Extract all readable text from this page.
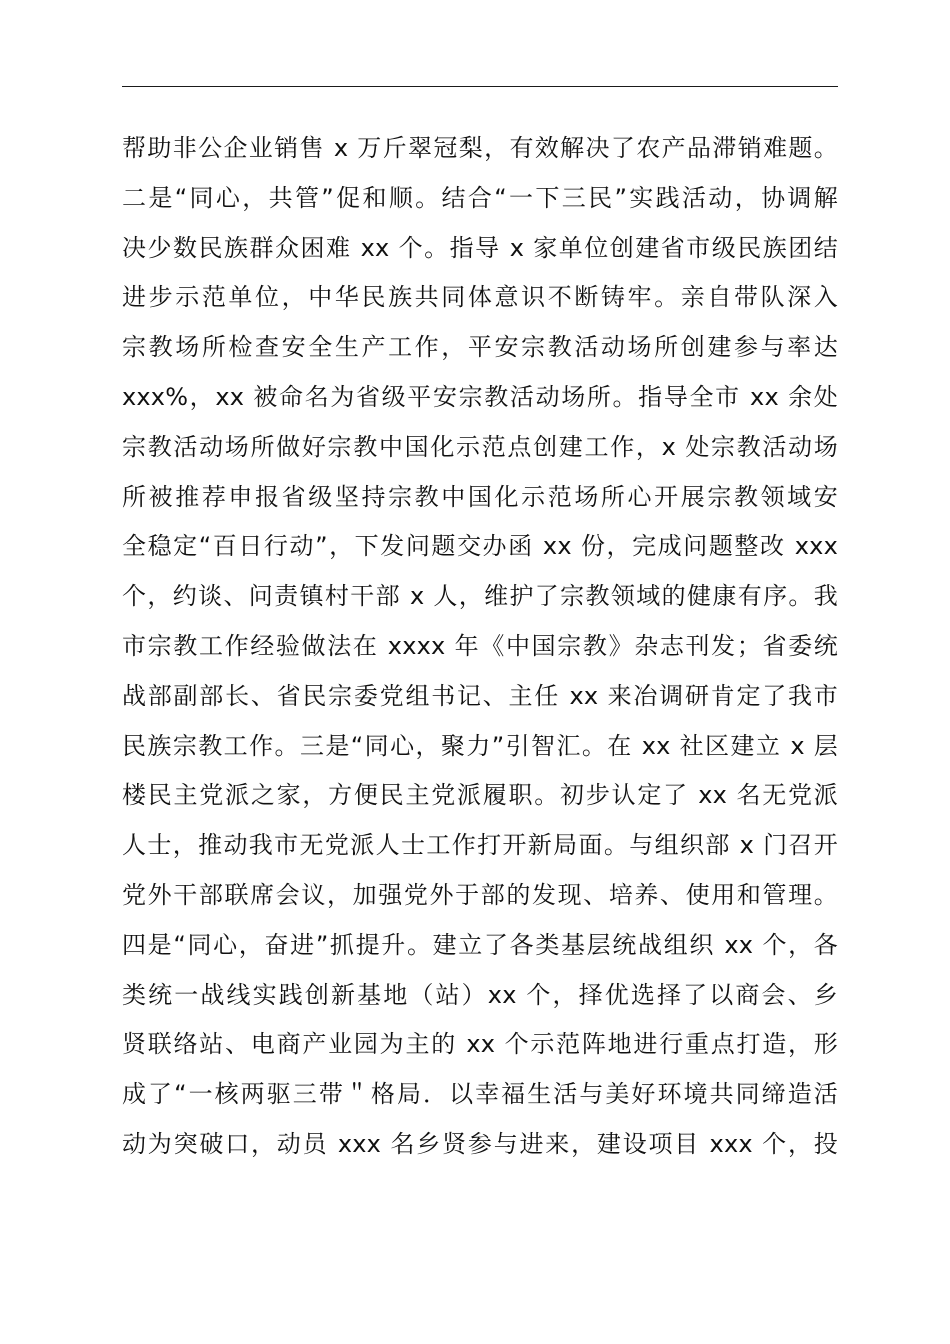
帮助非公企业销售 x 万斤翠冠梨，有效解决了农产品滞销难题。
二是“同心，共管”促和顺。结合“一下三民”实践活动，协调解
决少数民族群众困难 xx 个。指导 x 家单位创建省市级民族团结
进步示范单位，中华民族共同体意识不断铸牢。亲自带队深入
宗教场所检查安全生产工作，平安宗教活动场所创建参与率达
xxx%，xx 被命名为省级平安宗教活动场所。指导全市 xx 余处
宗教活动场所做好宗教中国化示范点创建工作，x 处宗教活动场
所被推荐申报省级坚持宗教中国化示范场所心开展宗教领域安
全稳定“百日行动”，下发问题交办函 xx 份，完成问题整改 xxx
个，约谈、问责镇村干部 x 人，维护了宗教领域的健康有序。我
市宗教工作经验做法在 xxxx 年《中国宗教》杂志刊发；省委统
战部副部长、省民宗委党组书记、主任 xx 来冶调研肯定了我市
民族宗教工作。三是“同心，聚力”引智汇。在 xx 社区建立 x 层
楼民主党派之家，方便民主党派履职。初步认定了 xx 名无党派
人士，推动我市无党派人士工作打开新局面。与组织部 x 门召开
党外干部联席会议，加强党外于部的发现、培养、使用和管理。
四是“同心，奋进”抓提升。建立了各类基层统战组织 xx 个，各
类统一战线实践创新基地（站）xx 个，择优选择了以商会、乡
贤联络站、电商产业园为主的 xx 个示范阵地进行重点打造，形
成了“一核两驱三带＂格局．以幸福生活与美好环境共同缔造活
动为突破口，动员 xxx 名乡贤参与进来，建设项目 xxx 个，投
